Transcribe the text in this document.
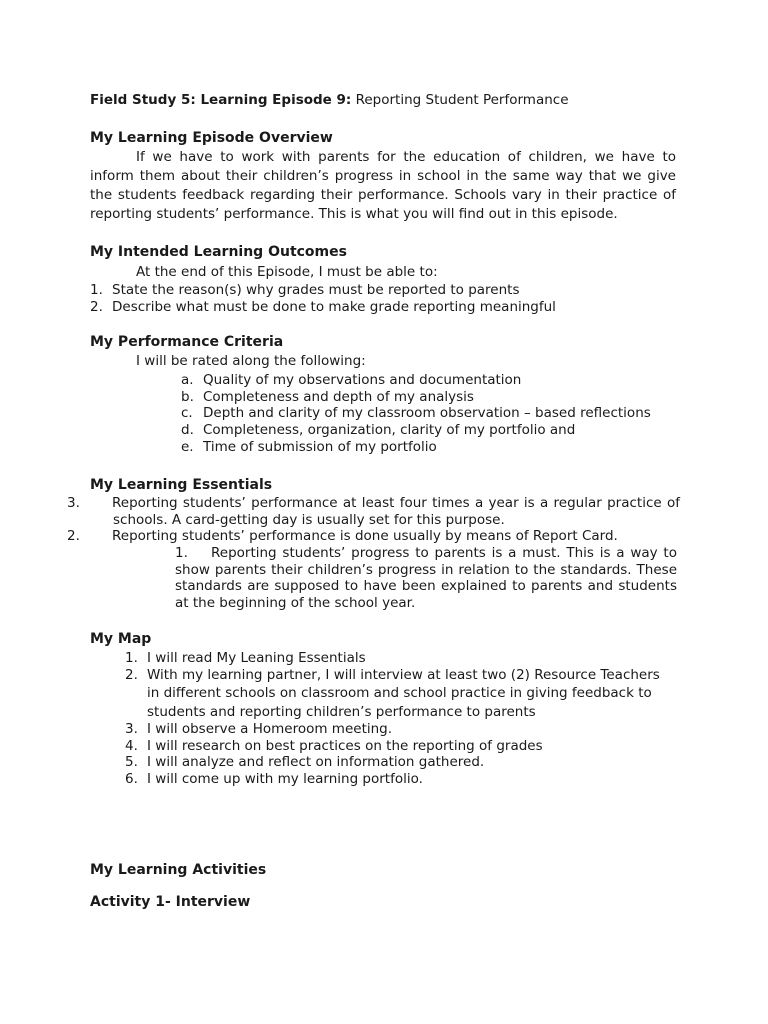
Field Study 5: Learning Episode 9: Reporting Student Performance
My Learning Episode Overview
If we have to work with parents for the education of children, we have to inform them about their children’s progress in school in the same way that we give the students feedback regarding their performance. Schools vary in their practice of reporting students’ performance. This is what you will find out in this episode.
My Intended Learning Outcomes
At the end of this Episode, I must be able to:
1. State the reason(s) why grades must be reported to parents
2. Describe what must be done to make grade reporting meaningful
My Performance Criteria
I will be rated along the following:
a. Quality of my observations and documentation
b. Completeness and depth of my analysis
c. Depth and clarity of my classroom observation – based reflections
d. Completeness, organization, clarity of my portfolio and
e. Time of submission of my portfolio
My Learning Essentials
3. Reporting students’ performance at least four times a year is a regular practice of schools. A card-getting day is usually set for this purpose.
2. Reporting students’ performance is done usually by means of Report Card.
1. Reporting students’ progress to parents is a must. This is a way to show parents their children’s progress in relation to the standards. These standards are supposed to have been explained to parents and students at the beginning of the school year.
My Map
1. I will read My Leaning Essentials
2. With my learning partner, I will interview at least two (2) Resource Teachers
in different schools on classroom and school practice in giving feedback to
students and reporting children’s performance to parents
3. I will observe a Homeroom meeting.
4. I will research on best practices on the reporting of grades
5. I will analyze and reflect on information gathered.
6. I will come up with my learning portfolio.
My Learning Activities
Activity 1- Interview
